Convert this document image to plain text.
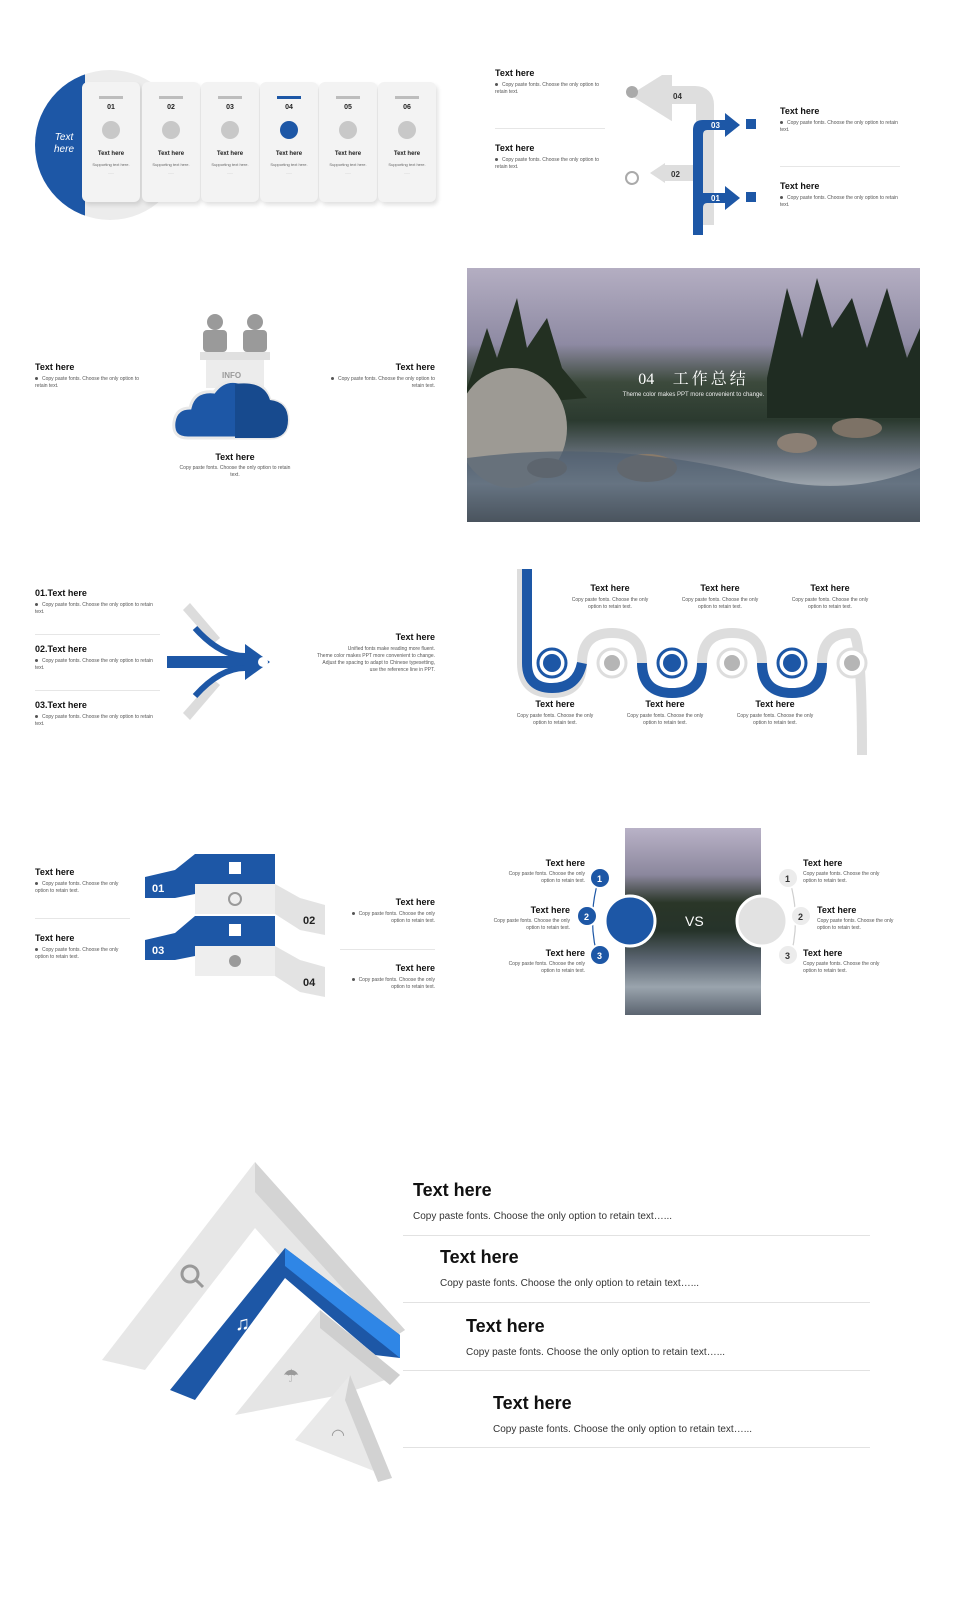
Text here
01
Text here
Supporting text here.
......
02
Text here
Supporting text here.
......
03
Text here
Supporting text here.
......
04
Text here
Supporting text here.
......
05
Text here
Supporting text here.
......
06
Text here
Supporting text here.
......
Text here
Copy paste fonts. Choose the only option to retain text.
Text here
Copy paste fonts. Choose the only option to retain text.
04
03
02
01
Text here
Copy paste fonts. Choose the only option to retain text.
Text here
Copy paste fonts. Choose the only option to retain text.
Text here
Copy paste fonts. Choose the only option to retain text.
Text here
Copy paste fonts. Choose the only option to retain text.
INFO
Text here
Copy paste fonts. Choose the only option to retain text.
04 工作总结
Theme color makes PPT more convenient to change.
01.Text here
Copy paste fonts. Choose the only option to retain text.
02.Text here
Copy paste fonts. Choose the only option to retain text.
03.Text here
Copy paste fonts. Choose the only option to retain text.
Text here
Unified fonts make reading more fluent.
Theme color makes PPT more convenient to change.
Adjust the spacing to adapt to Chinese typesetting,
use the reference line in PPT.
Text here
Copy paste fonts. Choose the only option to retain text.
Text here
Copy paste fonts. Choose the only option to retain text.
Text here
Copy paste fonts. Choose the only option to retain text.
Text here
Copy paste fonts. Choose the only option to retain text.
Text here
Copy paste fonts. Choose the only option to retain text.
Text here
Copy paste fonts. Choose the only option to retain text.
Text here
Copy paste fonts. Choose the only option to retain text.
Text here
Copy paste fonts. Choose the only option to retain text.
01
02
03
04
Text here
Copy paste fonts. Choose the only option to retain text.
Text here
Copy paste fonts. Choose the only option to retain text.
1
2
3
1
2
3
VS
Text here
Copy paste fonts. Choose the only option to retain text.
Text here
Copy paste fonts. Choose the only option to retain text.
Text here
Copy paste fonts. Choose the only option to retain text.
Text here
Copy paste fonts. Choose the only option to retain text.
Text here
Copy paste fonts. Choose the only option to retain text.
Text here
Copy paste fonts. Choose the only option to retain text.
♫
☂
◠
Text here
Copy paste fonts. Choose the only option to retain text…...
Text here
Copy paste fonts. Choose the only option to retain text…...
Text here
Copy paste fonts. Choose the only option to retain text…...
Text here
Copy paste fonts. Choose the only option to retain text…...
